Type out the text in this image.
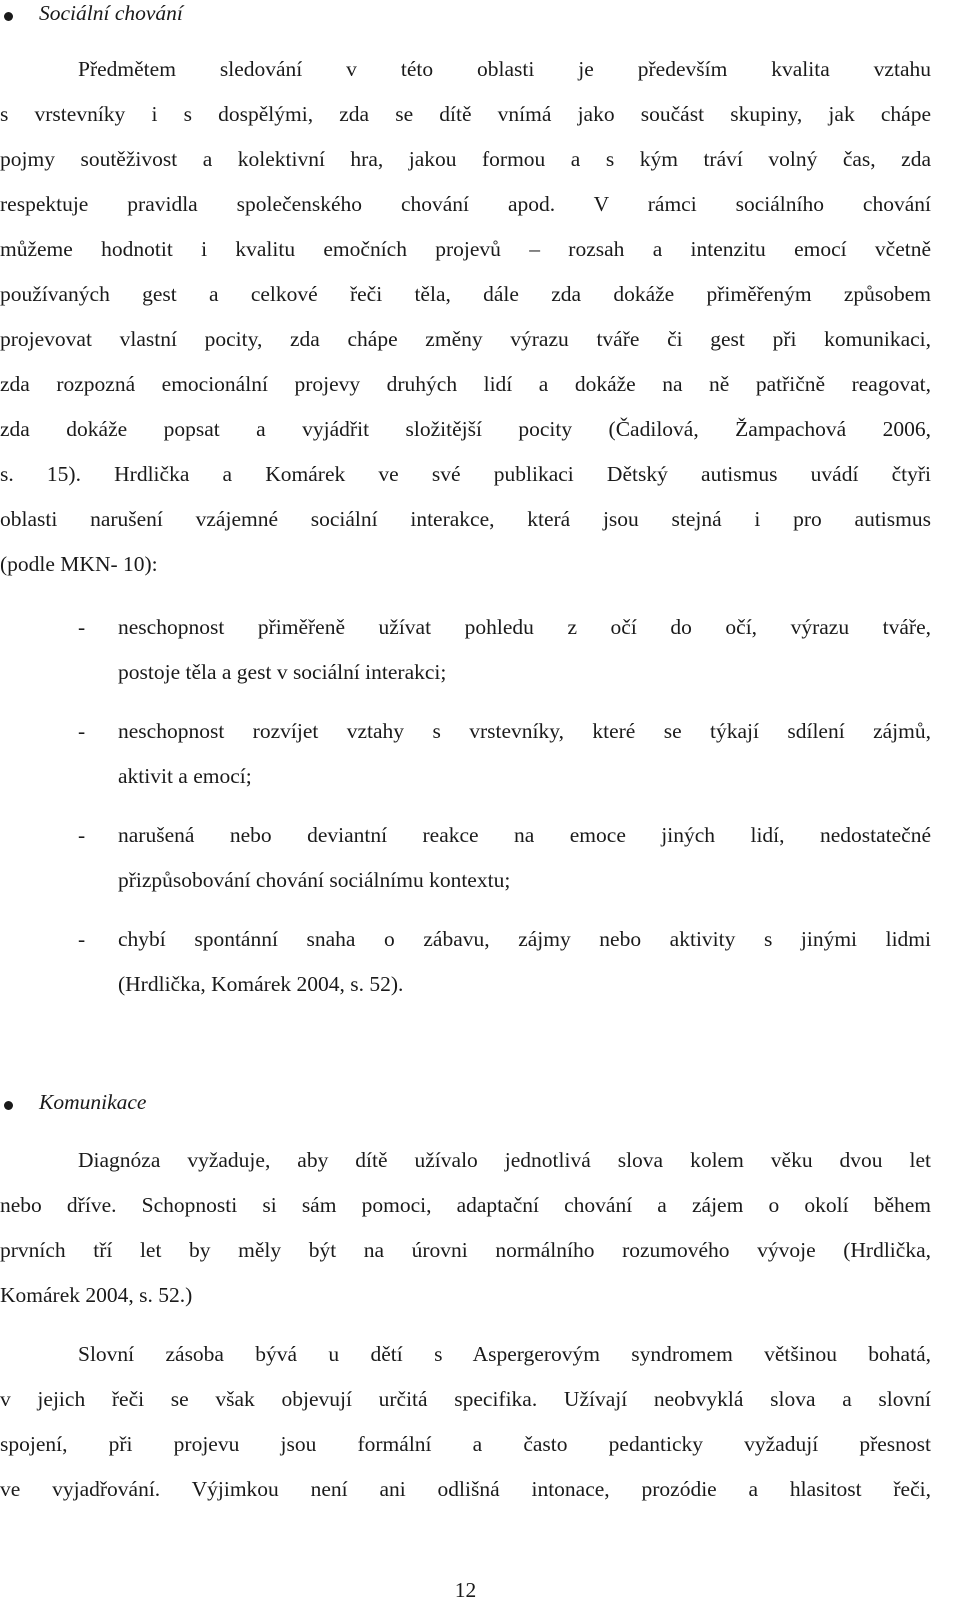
Sociální chování
Předmětem sledování v této oblasti je především kvalita vztahu
s vrstevníky i s dospělými, zda se dítě vnímá jako součást skupiny, jak chápe
pojmy soutěživost a kolektivní hra, jakou formou a s kým tráví volný čas, zda
respektuje pravidla společenského chování apod. V rámci sociálního chování
můžeme hodnotit i kvalitu emočních projevů – rozsah a intenzitu emocí včetně
používaných gest a celkové řeči těla, dále zda dokáže přiměřeným způsobem
projevovat vlastní pocity, zda chápe změny výrazu tváře či gest při komunikaci,
zda rozpozná emocionální projevy druhých lidí a dokáže na ně patřičně reagovat,
zda dokáže popsat a vyjádřit složitější pocity (Čadilová, Žampachová 2006,
s. 15). Hrdlička a Komárek ve své publikaci Dětský autismus uvádí čtyři
oblasti narušení vzájemné sociální interakce, která jsou stejná i pro autismus
(podle MKN- 10):
- neschopnost přiměřeně užívat pohledu z očí do očí, výrazu tváře,
postoje těla a gest v sociální interakci;
- neschopnost rozvíjet vztahy s vrstevníky, které se týkají sdílení zájmů,
aktivit a emocí;
- narušená nebo deviantní reakce na emoce jiných lidí, nedostatečné
přizpůsobování chování sociálnímu kontextu;
- chybí spontánní snaha o zábavu, zájmy nebo aktivity s jinými lidmi
(Hrdlička, Komárek 2004, s. 52).
Komunikace
Diagnóza vyžaduje, aby dítě užívalo jednotlivá slova kolem věku dvou let
nebo dříve. Schopnosti si sám pomoci, adaptační chování a zájem o okolí během
prvních tří let by měly být na úrovni normálního rozumového vývoje (Hrdlička,
Komárek 2004, s. 52.)
Slovní zásoba bývá u dětí s Aspergerovým syndromem většinou bohatá,
v jejich řeči se však objevují určitá specifika. Užívají neobvyklá slova a slovní
spojení, při projevu jsou formální a často pedanticky vyžadují přesnost
ve vyjadřování. Výjimkou není ani odlišná intonace, prozódie a hlasitost řeči,
12
